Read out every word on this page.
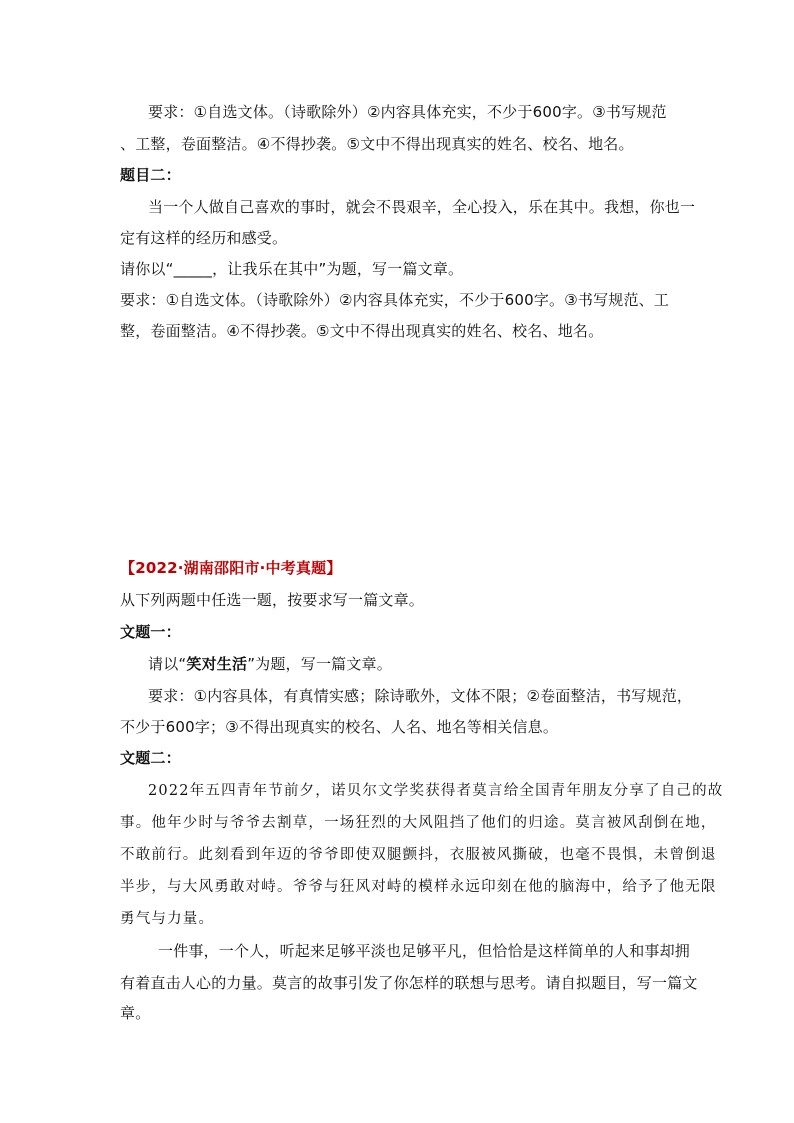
要求：①自选文体。（诗歌除外）②内容具体充实，不少于600字。③书写规范
、工整，卷面整洁。④不得抄袭。⑤文中不得出现真实的姓名、校名、地名。
题目二：
当一个人做自己喜欢的事时，就会不畏艰辛，全心投入，乐在其中。我想，你也一
定有这样的经历和感受。
请你以“_____，让我乐在其中”为题，写一篇文章。
要求：①自选文体。（诗歌除外）②内容具体充实，不少于600字。③书写规范、工
整，卷面整洁。④不得抄袭。⑤文中不得出现真实的姓名、校名、地名。
【2022·湖南邵阳市·中考真题】
从下列两题中任选一题，按要求写一篇文章。
文题一：
请以“笑对生活”为题，写一篇文章。
要求：①内容具体，有真情实感；除诗歌外，文体不限；②卷面整洁，书写规范，
不少于600字；③不得出现真实的校名、人名、地名等相关信息。
文题二：
2022年五四青年节前夕，诺贝尔文学奖获得者莫言给全国青年朋友分享了自己的故
事。他年少时与爷爷去割草，一场狂烈的大风阻挡了他们的归途。莫言被风刮倒在地，
不敢前行。此刻看到年迈的爷爷即使双腿颤抖，衣服被风撕破，也毫不畏惧，未曾倒退
半步，与大风勇敢对峙。爷爷与狂风对峙的模样永远印刻在他的脑海中，给予了他无限
勇气与力量。
一件事，一个人，听起来足够平淡也足够平凡，但恰恰是这样简单的人和事却拥
有着直击人心的力量。莫言的故事引发了你怎样的联想与思考。请自拟题目，写一篇文
章。
